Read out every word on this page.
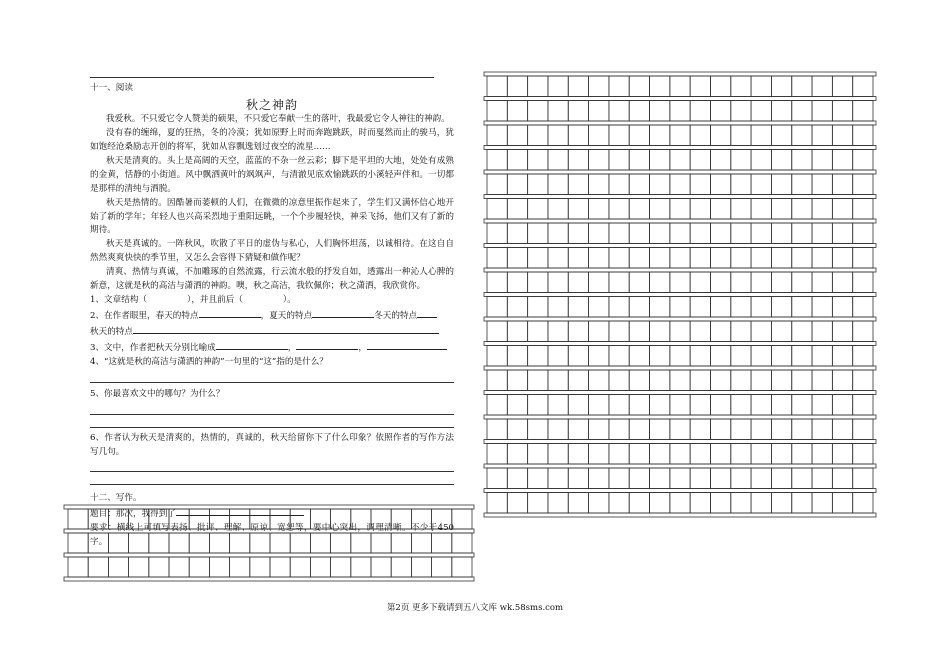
十一、阅读

秋之神韵

我爱秋。不只爱它令人赞美的硕果，不只爱它奉献一生的落叶，我最爱它令人神往的神韵。

没有春的缠绵，夏的狂热，冬的冷漠；犹如原野上时而奔跑跳跃，时而戛然而止的骏马，犹如饱经沧桑励志开创的将军，犹如从容飘逸划过夜空的流星……

秋天是清爽的。头上是高阔的天空，蓝蓝的不杂一丝云彩；脚下是平坦的大地，处处有成熟的金黄，恬静的小街道。风中飘洒黄叶的飒飒声，与清澈见底欢愉跳跃的小溪轻声伴和。一切都是那样的清纯与洒脱。

秋天是热情的。因酷暑而萎顿的人们，在微微的凉意里振作起来了，学生们又满怀信心地开始了新的学年；年轻人也兴高采烈地于重阳远眺，一个个步履轻快，神采飞扬，他们又有了新的期待。

秋天是真诚的。一阵秋风，吹散了平日的虚伪与私心，人们胸怀坦荡，以诚相待。在这自自然然爽爽快快的季节里，又怎么会容得下猜疑和做作呢？

清爽、热情与真诚，不加雕琢的自然流露，行云流水般的抒发自如，透露出一种沁人心脾的新意，这就是秋的高洁与潇洒的神韵。噢，秋之高洁，我钦佩你；秋之潇洒，我欣赏你。

1、文章结构（	），并且前后（	）。

2、在作者眼里，春天的特点	，夏天的特点	冬天的特点

秋天的特点

3、文中，作者把秋天分别比喻成	，	，

4、“这就是秋的高洁与潇洒的神韵”一句里的“这”指的是什么？

5、你最喜欢文中的哪句？为什么？

6、作者认为秋天是清爽的，热情的，真诚的，秋天给留你下了什么印象？依照作者的写作方法写几句。

十二、写作。

题目：那次，我得到了

要求：横线上可填写表扬、批评、理解、原谅、宽恕等，要中心突出，调理清晰。不少于450字。

第2页 更多下载请到五八文库 wk.58sms.com
